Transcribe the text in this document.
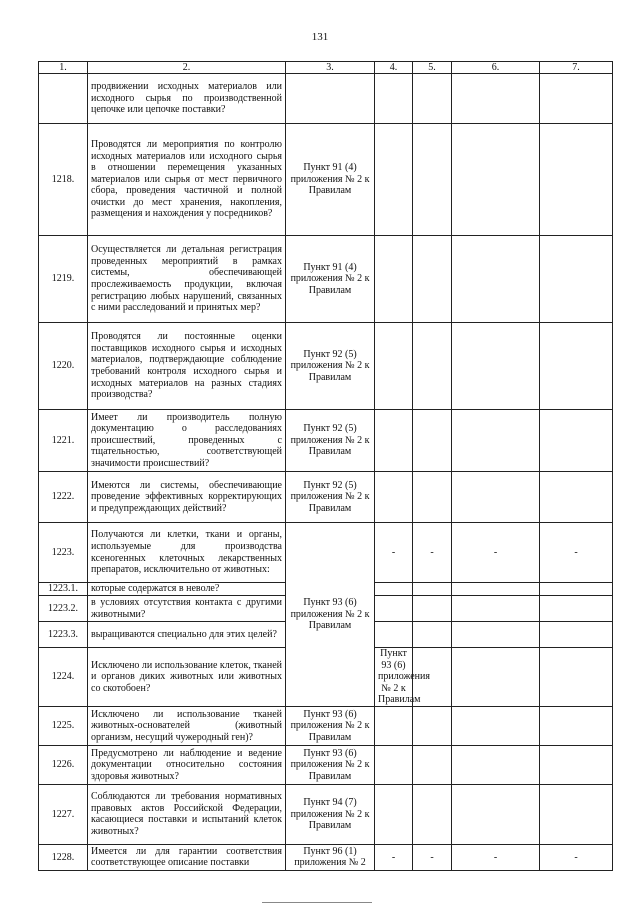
131
1.	2.	3.	4.	5.	6.	7.	
	продвижении исходных материалов или исходного сырья по производственной цепочке или цепочке поставки?						
1218.	Проводятся ли мероприятия по контролю исходных материалов или исходного сырья в отношении перемещения указанных материалов или сырья от мест первичного сбора, проведения частичной и полной очистки до мест хранения, накопления, размещения и нахождения у посредников?	Пункт 91 (4) приложения № 2 к Правилам					
1219.	Осуществляется ли детальная регистрация проведенных мероприятий в рамках системы, обеспечивающей прослеживаемость продукции, включая регистрацию любых нарушений, связанных с ними расследований и принятых мер?	Пункт 91 (4) приложения № 2 к Правилам					
1220.	Проводятся ли постоянные оценки поставщиков исходного сырья и исходных материалов, подтверждающие соблюдение требований контроля исходного сырья и исходных материалов на разных стадиях производства?	Пункт 92 (5) приложения № 2 к Правилам					
1221.	Имеет ли производитель полную документацию о расследованиях происшествий, проведенных с тщательностью, соответствующей значимости происшествий?	Пункт 92 (5) приложения № 2 к Правилам					
1222.	Имеются ли системы, обеспечивающие проведение эффективных корректирующих и предупреждающих действий?	Пункт 92 (5) приложения № 2 к Правилам					
1223.	Получаются ли клетки, ткани и органы, используемые для производства ксеногенных клеточных лекарственных препаратов, исключительно от животных:	Пункт 93 (6) приложения № 2 к Правилам	-	-	-	-	
1223.1.	которые содержатся в неволе?						
1223.2.	в условиях отсутствия контакта с другими животными?						
1223.3.	выращиваются специально для этих целей?						
1224.	Исключено ли использование клеток, тканей и органов диких животных или животных со скотобоен?		Пункт 93 (6) приложения № 2 к Правилам				
1225.	Исключено ли использование тканей животных-основателей (животный организм, несущий чужеродный ген)?	Пункт 93 (6) приложения № 2 к Правилам					
1226.	Предусмотрено ли наблюдение и ведение документации относительно состояния здоровья животных?	Пункт 93 (6) приложения № 2 к Правилам					
1227.	Соблюдаются ли требования нормативных правовых актов Российской Федерации, касающиеся поставки и испытаний клеток животных?	Пункт 94 (7) приложения № 2 к Правилам					
1228.	Имеется ли для гарантии соответствия соответствующее описание поставки	Пункт 96 (1) приложения № 2	-	-	-	-	
